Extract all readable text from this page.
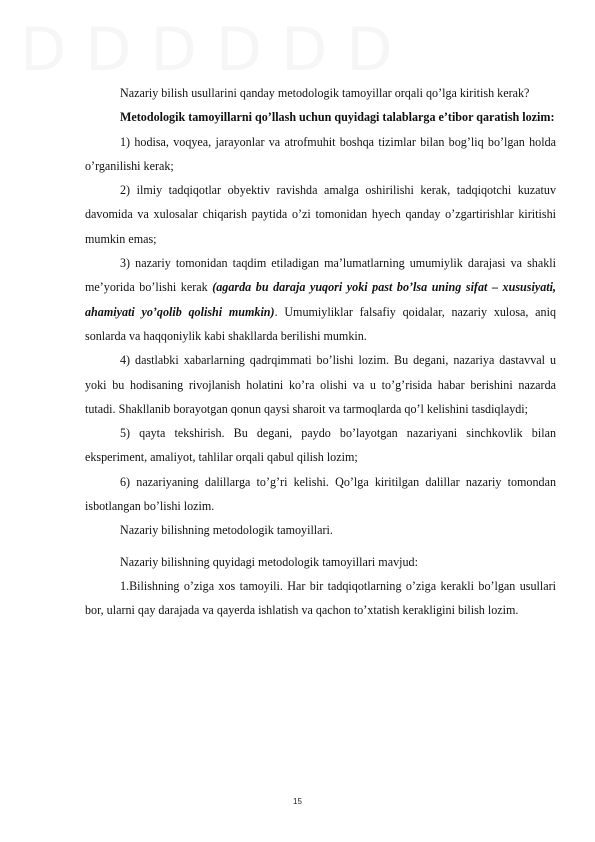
D D D D D D

Nazariy bilish usullarini qanday metodologik tamoyillar orqali qo’lga kiritish kerak?

Metodologik tamoyillarni qo’llash uchun quyidagi talablarga e’tibor qaratish lozim:

1) hodisa, voqyea, jarayonlar va atrofmuhit boshqa tizimlar bilan bog’liq bo’lgan holda o’rganilishi kerak;

2) ilmiy tadqiqotlar obyektiv ravishda amalga oshirilishi kerak, tadqiqotchi kuzatuv davomida va xulosalar chiqarish paytida o’zi tomonidan hyech qanday o’zgartirishlar kiritishi mumkin emas;

3) nazariy tomonidan taqdim etiladigan ma’lumatlarning umumiylik darajasi va shakli me’yorida bo’lishi kerak (agarda bu daraja yuqori yoki past bo’lsa uning sifat – xususiyati, ahamiyati yo’qolib qolishi mumkin). Umumiyliklar falsafiy qoidalar, nazariy xulosa, aniq sonlarda va haqqoniylik kabi shakllarda berilishi mumkin.

4) dastlabki xabarlarning qadrqimmati bo’lishi lozim. Bu degani, nazariya dastavval u yoki bu hodisaning rivojlanish holatini ko’ra olishi va u to’g’risida habar berishini nazarda tutadi. Shakllanib borayotgan qonun qaysi sharoit va tarmoqlarda qo’l kelishini tasdiqlaydi;

5) qayta tekshirish. Bu degani, paydo bo’layotgan nazariyani sinchkovlik bilan eksperiment, amaliyot, tahlilar orqali qabul qilish lozim;

6) nazariyaning dalillarga to’g’ri kelishi. Qo’lga kiritilgan dalillar nazariy tomondan isbotlangan bo’lishi lozim.

Nazariy bilishning metodologik tamoyillari.

Nazariy bilishning quyidagi metodologik tamoyillari mavjud:

1.Bilishning o’ziga xos tamoyili. Har bir tadqiqotlarning o’ziga kerakli bo’lgan usullari bor, ularni qay darajada va qayerda ishlatish va qachon to’xtatish kerakligini bilish lozim.

15
